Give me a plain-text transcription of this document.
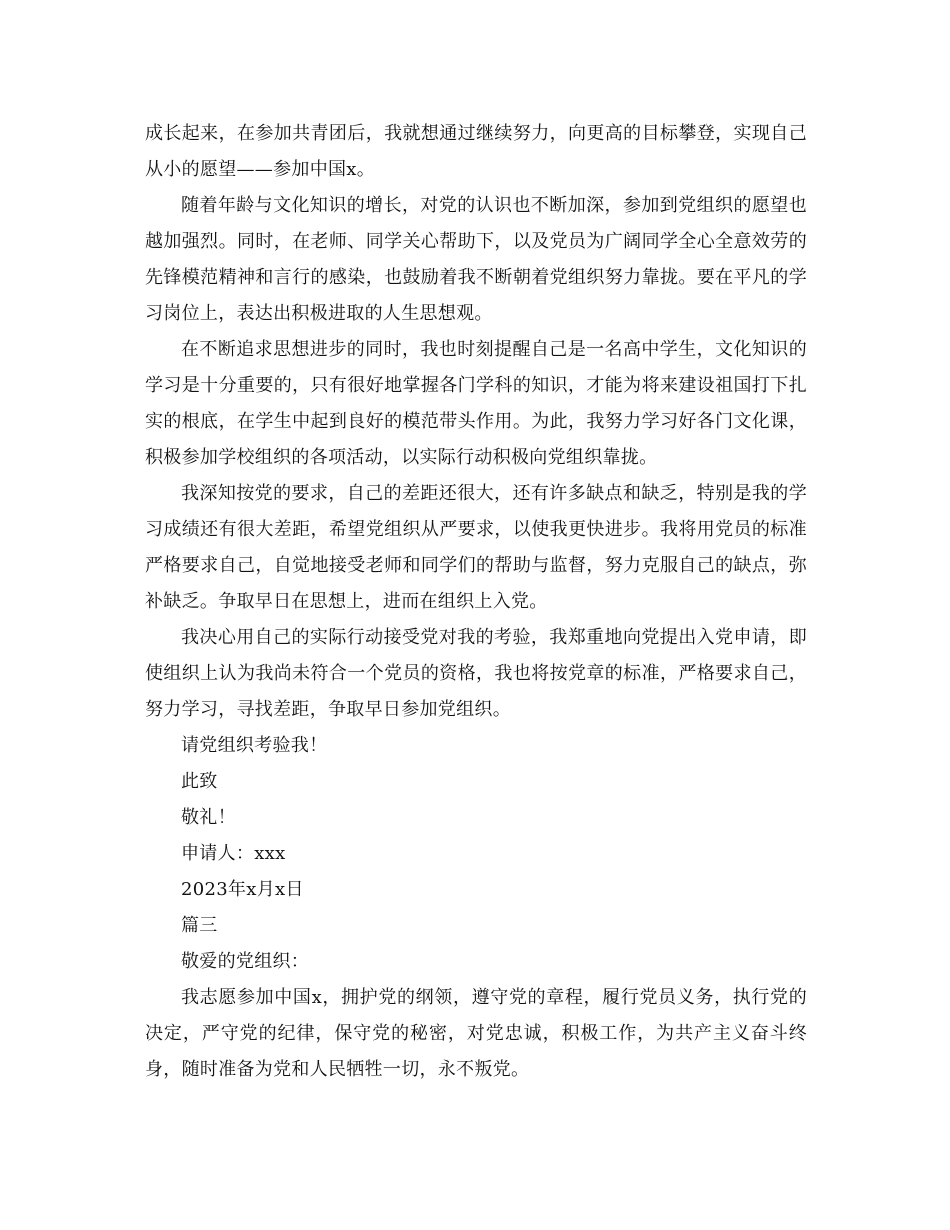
成长起来，在参加共青团后，我就想通过继续努力，向更高的目标攀登，实现自己从小的愿望——参加中国x。

随着年龄与文化知识的增长，对党的认识也不断加深，参加到党组织的愿望也越加强烈。同时，在老师、同学关心帮助下，以及党员为广阔同学全心全意效劳的先锋模范精神和言行的感染，也鼓励着我不断朝着党组织努力靠拢。要在平凡的学习岗位上，表达出积极进取的人生思想观。

在不断追求思想进步的同时，我也时刻提醒自己是一名高中学生，文化知识的学习是十分重要的，只有很好地掌握各门学科的知识，才能为将来建设祖国打下扎实的根底，在学生中起到良好的模范带头作用。为此，我努力学习好各门文化课，积极参加学校组织的各项活动，以实际行动积极向党组织靠拢。

我深知按党的要求，自己的差距还很大，还有许多缺点和缺乏，特别是我的学习成绩还有很大差距，希望党组织从严要求，以使我更快进步。我将用党员的标准严格要求自己，自觉地接受老师和同学们的帮助与监督，努力克服自己的缺点，弥补缺乏。争取早日在思想上，进而在组织上入党。

我决心用自己的实际行动接受党对我的考验，我郑重地向党提出入党申请，即使组织上认为我尚未符合一个党员的资格，我也将按党章的标准，严格要求自己，努力学习，寻找差距，争取早日参加党组织。

请党组织考验我！

此致

敬礼！

申请人：xxx

2023年x月x日

篇三

敬爱的党组织：

我志愿参加中国x，拥护党的纲领，遵守党的章程，履行党员义务，执行党的决定，严守党的纪律，保守党的秘密，对党忠诚，积极工作，为共产主义奋斗终身，随时准备为党和人民牺牲一切，永不叛党。
